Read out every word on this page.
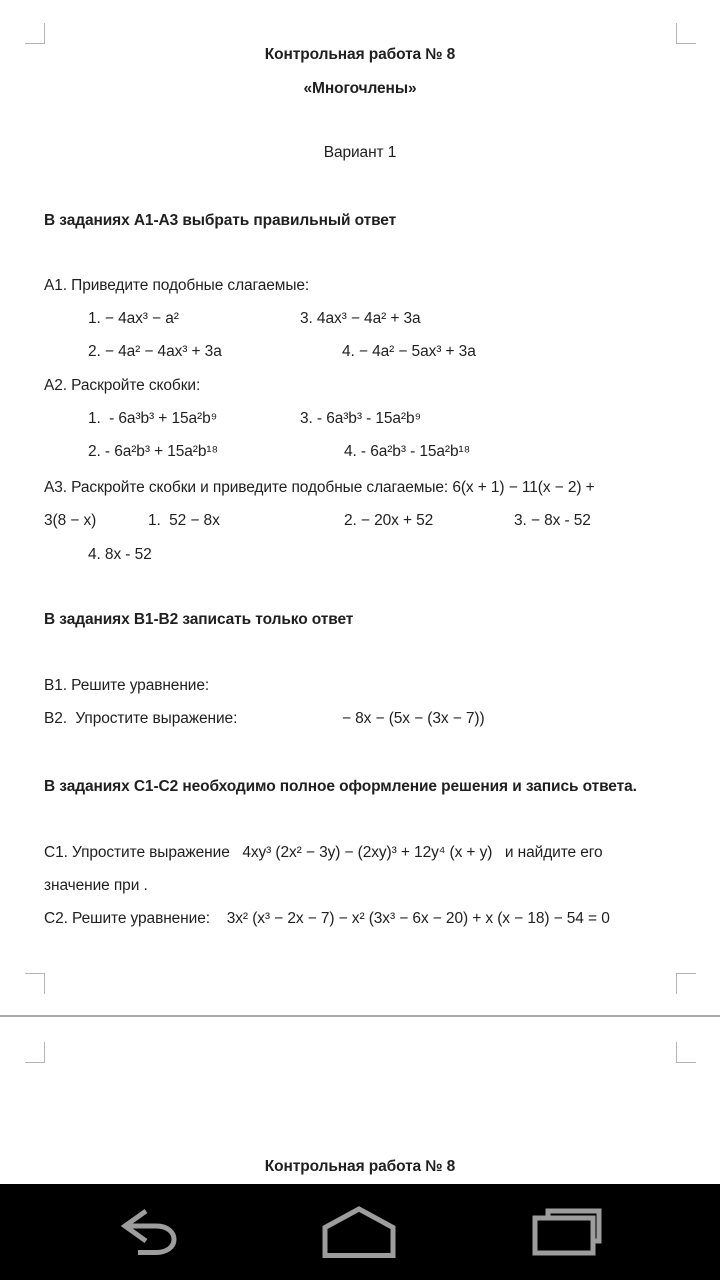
Контрольная работа № 8
«Многочлены»
Вариант 1
В заданиях А1-А3 выбрать правильный ответ
А1. Приведите подобные слагаемые:
1. − 4ax³ − a²	3. 4ax³ − 4a² + 3a
2. − 4a² − 4ax³ + 3a	4. − 4a² − 5ax³ + 3a
А2. Раскройте скобки:
1.  - 6a³b³ + 15a²b⁹	3. - 6a³b³ - 15a²b⁹
2. - 6a²b³ + 15a²b¹⁸	4. - 6a²b³ - 15a²b¹⁸
А3. Раскройте скобки и приведите подобные слагаемые: 6(x + 1) − 11(x − 2) +
3(8 − x)	1.  52 − 8x	2. − 20x + 52	3. − 8x - 52
4. 8x - 52
В заданиях В1-В2 записать только ответ
В1. Решите уравнение:
В2.  Упростите выражение:	− 8x − (5x − (3x − 7))
В заданиях С1-С2 необходимо полное оформление решения и запись ответа.
С1. Упростите выражение   4xy³ (2x² − 3y) − (2xy)³ + 12y⁴ (x + y)   и найдите его
значение при .
С2. Решите уравнение:    3x² (x³ − 2x − 7) − x² (3x³ − 6x − 20) + x (x − 18) − 54 = 0
Контрольная работа № 8
